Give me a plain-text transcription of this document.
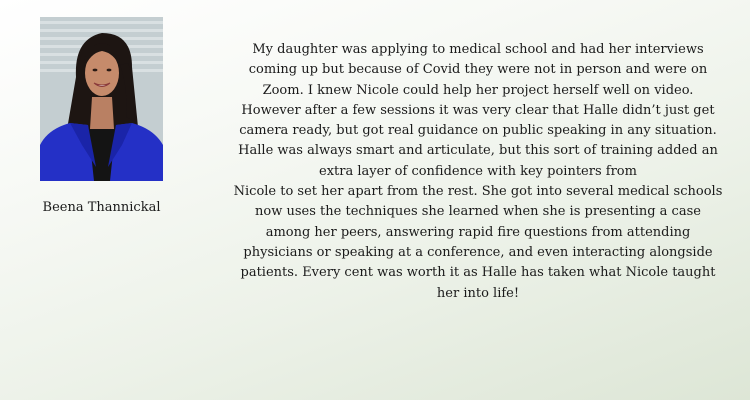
Beena Thannickal

My daughter was applying to medical school and had her interviews coming up but because of Covid they were not in person and were on Zoom. I knew Nicole could help her project herself well on video. However after a few sessions it was very clear that Halle didn’t just get camera ready, but got real guidance on public speaking in any situation. Halle was always smart and articulate, but this sort of training added an extra layer of confidence with key pointers from

Nicole to set her apart from the rest. She got into several medical schools now uses the techniques she learned when she is presenting a case among her peers, answering rapid fire questions from attending physicians or speaking at a conference, and even interacting alongside patients. Every cent was worth it as Halle has taken what Nicole taught her into life!
